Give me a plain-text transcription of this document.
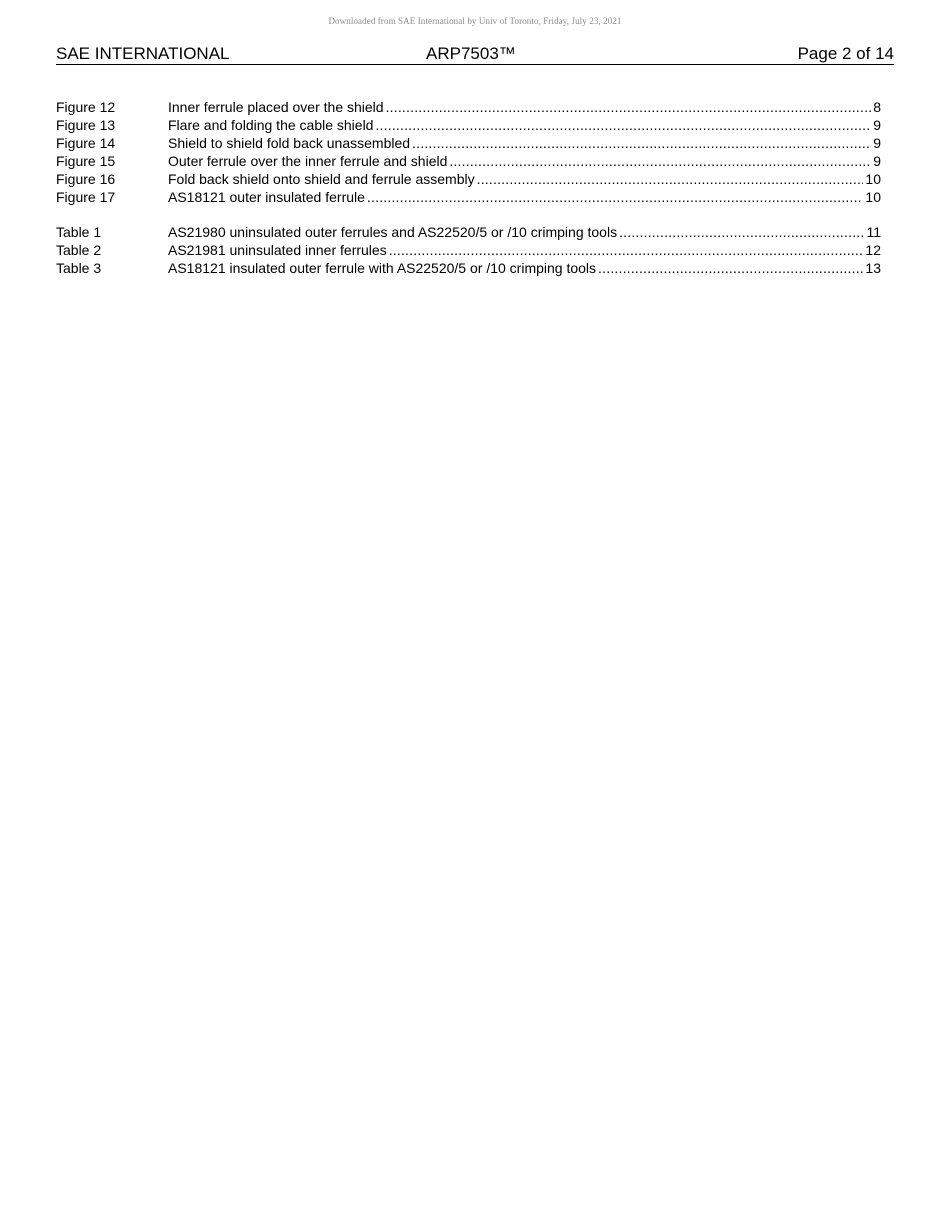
Downloaded from SAE International by Univ of Toronto, Friday, July 23, 2021
SAE INTERNATIONAL	ARP7503™	Page 2 of 14
Figure 12	Inner ferrule placed over the shield .....	8
Figure 13	Flare and folding the cable shield .....	9
Figure 14	Shield to shield fold back unassembled .....	9
Figure 15	Outer ferrule over the inner ferrule and shield .....	9
Figure 16	Fold back shield onto shield and ferrule assembly .....	10
Figure 17	AS18121 outer insulated ferrule .....	10
Table 1	AS21980 uninsulated outer ferrules and AS22520/5 or /10 crimping tools .....	11
Table 2	AS21981 uninsulated inner ferrules .....	12
Table 3	AS18121 insulated outer ferrule with AS22520/5 or /10 crimping tools .....	13
